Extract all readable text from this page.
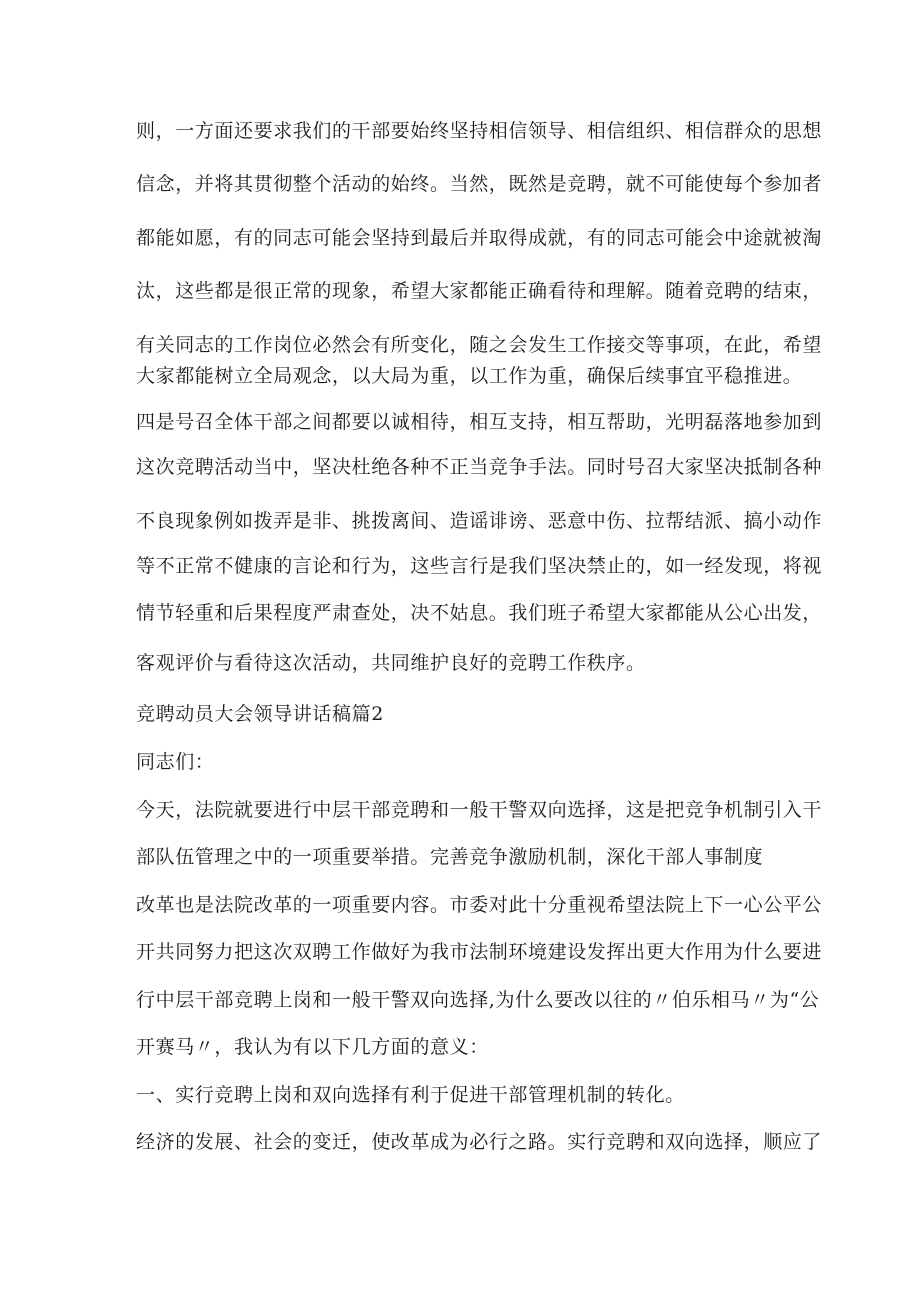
则，一方面还要求我们的干部要始终坚持相信领导、相信组织、相信群众的思想
信念，并将其贯彻整个活动的始终。当然，既然是竞聘，就不可能使每个参加者
都能如愿，有的同志可能会坚持到最后并取得成就，有的同志可能会中途就被淘
汰，这些都是很正常的现象，希望大家都能正确看待和理解。随着竞聘的结束，
有关同志的工作岗位必然会有所变化，随之会发生工作接交等事项，在此，希望
大家都能树立全局观念，以大局为重，以工作为重，确保后续事宜平稳推进。
四是号召全体干部之间都要以诚相待，相互支持，相互帮助，光明磊落地参加到
这次竞聘活动当中，坚决杜绝各种不正当竞争手法。同时号召大家坚决抵制各种
不良现象例如拨弄是非、挑拨离间、造谣诽谤、恶意中伤、拉帮结派、搞小动作
等不正常不健康的言论和行为，这些言行是我们坚决禁止的，如一经发现，将视
情节轻重和后果程度严肃查处，决不姑息。我们班子希望大家都能从公心出发，
客观评价与看待这次活动，共同维护良好的竞聘工作秩序。
竞聘动员大会领导讲话稿篇2
同志们：
今天，法院就要进行中层干部竞聘和一般干警双向选择，这是把竞争机制引入干
部队伍管理之中的一项重要举措。完善竞争激励机制，深化干部人事制度
改革也是法院改革的一项重要内容。市委对此十分重视希望法院上下一心公平公
开共同努力把这次双聘工作做好为我市法制环境建设发挥出更大作用为什么要进
行中层干部竞聘上岗和一般干警双向选择,为什么要改以往的〃伯乐相马〃为“公
开赛马〃，我认为有以下几方面的意义：
一、实行竞聘上岗和双向选择有利于促进干部管理机制的转化。
经济的发展、社会的变迁，使改革成为必行之路。实行竞聘和双向选择，顺应了
